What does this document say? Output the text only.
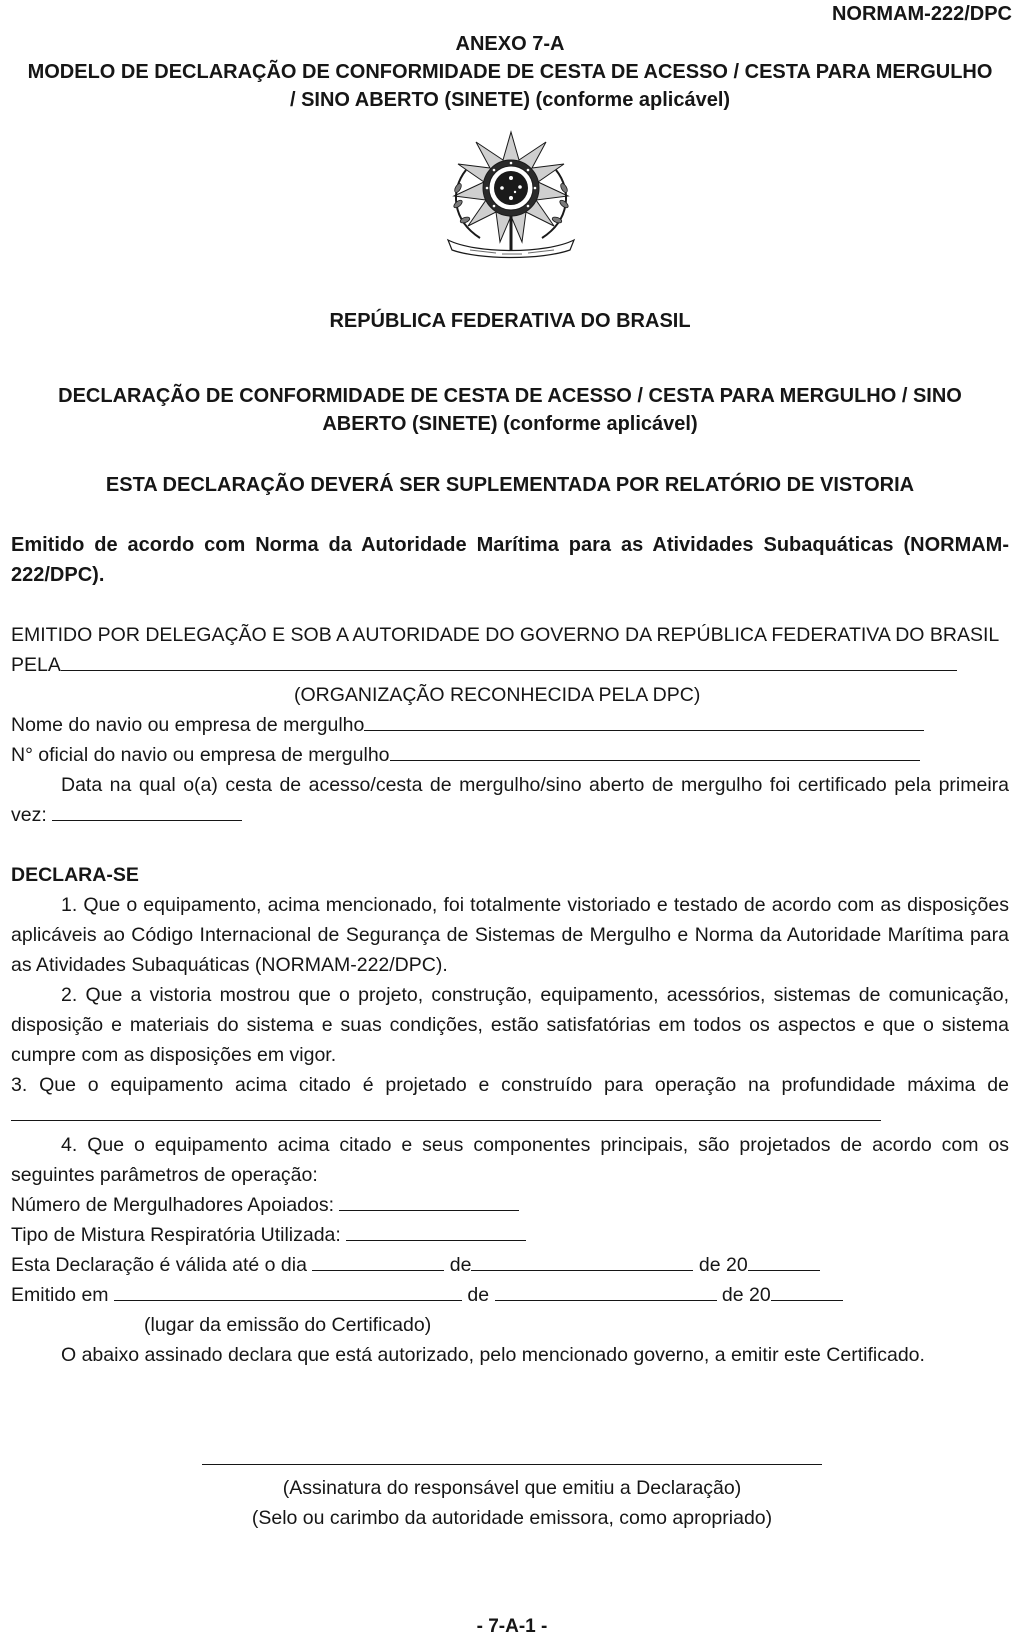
NORMAM-222/DPC
ANEXO 7-A
MODELO DE DECLARAÇÃO DE CONFORMIDADE DE CESTA DE ACESSO / CESTA PARA MERGULHO
/ SINO ABERTO (SINETE) (conforme aplicável)
REPÚBLICA FEDERATIVA DO BRASIL
DECLARAÇÃO DE CONFORMIDADE DE CESTA DE ACESSO / CESTA PARA MERGULHO / SINO
ABERTO (SINETE) (conforme aplicável)
ESTA DECLARAÇÃO DEVERÁ SER SUPLEMENTADA POR RELATÓRIO DE VISTORIA
Emitido de acordo com Norma da Autoridade Marítima para as Atividades Subaquáticas (NORMAM-222/DPC).

EMITIDO POR DELEGAÇÃO E SOB A AUTORIDADE DO GOVERNO DA REPÚBLICA FEDERATIVA DO BRASIL

PELA

(ORGANIZAÇÃO RECONHECIDA PELA DPC)

Nome do navio ou empresa de mergulho

N° oficial do navio ou empresa de mergulho

Data na qual o(a) cesta de acesso/cesta de mergulho/sino aberto de mergulho foi certificado pela primeira vez:

DECLARA-SE

1. Que o equipamento, acima mencionado, foi totalmente vistoriado e testado de acordo com as disposições aplicáveis ao Código Internacional de Segurança de Sistemas de Mergulho e Norma da Autoridade Marítima para as Atividades Subaquáticas (NORMAM-222/DPC).

2. Que a vistoria mostrou que o projeto, construção, equipamento, acessórios, sistemas de comunicação, disposição e materiais do sistema e suas condições, estão satisfatórias em todos os aspectos e que o sistema cumpre com as disposições em vigor.

3. Que o equipamento acima citado é projetado e construído para operação na profundidade máxima de

4. Que o equipamento acima citado e seus componentes principais, são projetados de acordo com os seguintes parâmetros de operação:

Número de Mergulhadores Apoiados:

Tipo de Mistura Respiratória Utilizada:

Esta Declaração é válida até o dia	de	de 20

Emitido em	de	de 20

(lugar da emissão do Certificado)

O abaixo assinado declara que está autorizado, pelo mencionado governo, a emitir este Certificado.

(Assinatura do responsável que emitiu a Declaração)
(Selo ou carimbo da autoridade emissora, como apropriado)
- 7-A-1 -
